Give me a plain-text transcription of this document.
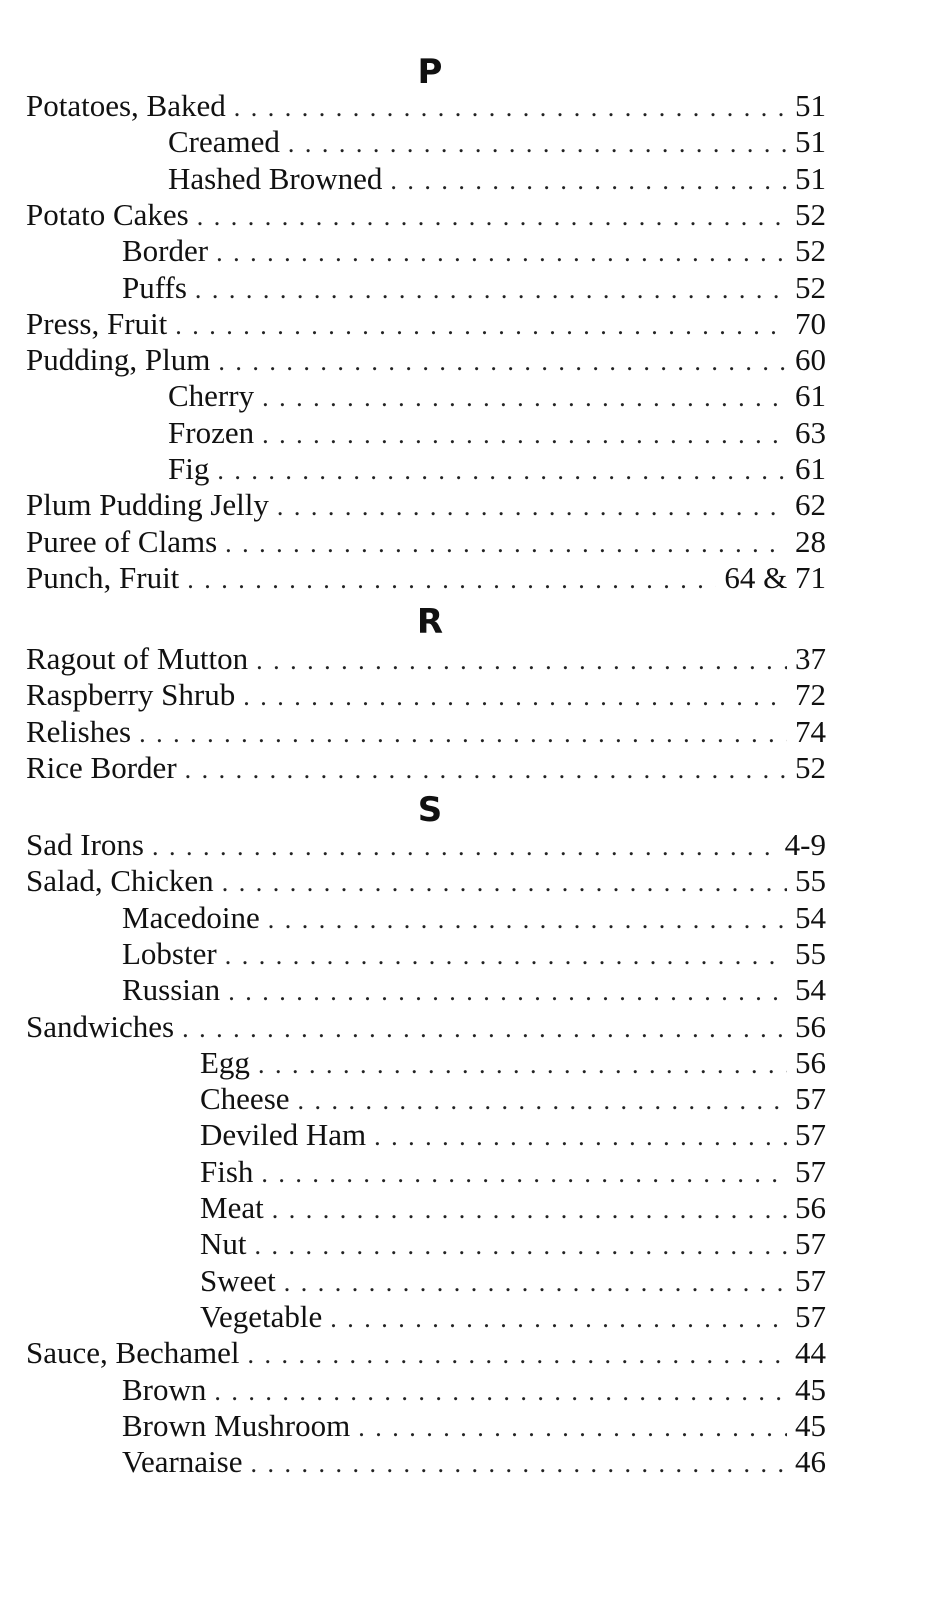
P
Potatoes, Baked . . .	51
Creamed . . .	51
Hashed Browned . . .	51
Potato Cakes . . .	52
Border . . .	52
Puffs . . .	52
Press, Fruit . . .	70
Pudding, Plum . . .	60
Cherry . . .	61
Frozen . . .	63
Fig . . .	61
Plum Pudding Jelly . . .	62
Puree of Clams . . .	28
Punch, Fruit . . .	64 & 71
R
Ragout of Mutton . . .	37
Raspberry Shrub . . .	72
Relishes . . .	74
Rice Border . . .	52
S
Sad Irons . . .	4-9
Salad, Chicken . . .	55
Macedoine . . .	54
Lobster . . .	55
Russian . . .	54
Sandwiches . . .	56
Egg . . .	56
Cheese . . .	57
Deviled Ham . . .	57
Fish . . .	57
Meat . . .	56
Nut . . .	57
Sweet . . .	57
Vegetable . . .	57
Sauce, Bechamel . . .	44
Brown . . .	45
Brown Mushroom . . .	45
Vearnaise . . .	46
